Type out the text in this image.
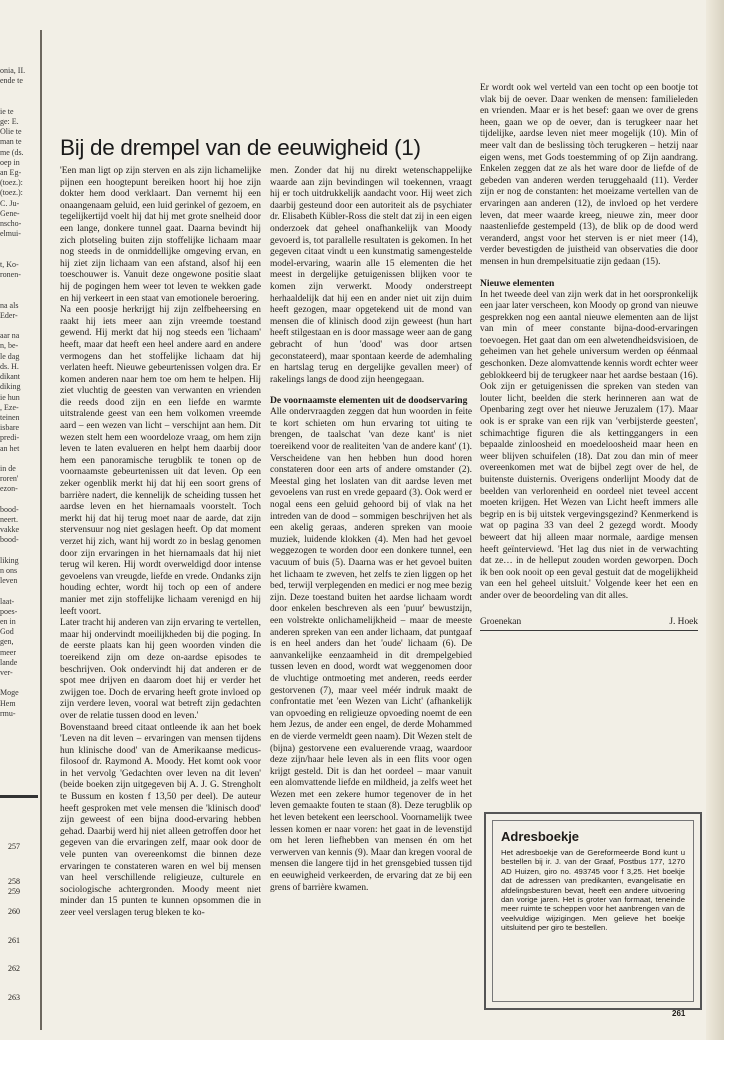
onia, II.
ende te

ie te
ge: E.
Olie te
man te
me (ds.
oep in
an Eg-
(toez.):
(toez.):
C. Ju-
Gene-
nscho-
elmui-

t, Ko-
ronen-

na als
Eder-

aar na
n, be-
le dag
ds. H.
dikant
diking
ie hun
, Eze-
teinen
isbare
predi-
an het

in de
roren'
ezon-

bood-
neert.
vakke
bood-

liking
n ons
leven

laat-
poes-
en in
God
gen,
meer
lande
ver-

Moge
Hem
rmu-
257
258
259
260
261
262
263
Bij de drempel van de eeuwigheid (1)

'Een man ligt op zijn sterven en als zijn lichamelijke pijnen een hoogtepunt bereiken hoort hij hoe zijn dokter hem dood verklaart. Dan vernemt hij een onaangenaam geluid, een luid gerinkel of gezoem, en tegelijkertijd voelt hij dat hij met grote snelheid door een lange, donkere tunnel gaat. Daarna bevindt hij zich plotseling buiten zijn stoffelijke lichaam maar nog steeds in de onmiddellijke omgeving ervan, en hij ziet zijn lichaam van een afstand, alsof hij een toeschouwer is. Vanuit deze ongewone positie slaat hij de pogingen hem weer tot leven te wekken gade en hij verkeert in een staat van emotionele beroering.

Na een poosje herkrijgt hij zijn zelfbeheersing en raakt hij iets meer aan zijn vreemde toestand gewend. Hij merkt dat hij nog steeds een 'lichaam' heeft, maar dat heeft een heel andere aard en andere vermogens dan het stoffelijke lichaam dat hij verlaten heeft. Nieuwe gebeurtenissen volgen dra. Er komen anderen naar hem toe om hem te helpen. Hij ziet vluchtig de geesten van verwanten en vrienden die reeds dood zijn en een liefde en warmte uitstralende geest van een hem volkomen vreemde aard – een wezen van licht – verschijnt aan hem. Dit wezen stelt hem een woordeloze vraag, om hem zijn leven te laten evalueren en helpt hem daarbij door hem een panoramische terugblik te tonen op de voornaamste gebeurtenissen uit dat leven. Op een zeker ogenblik merkt hij dat hij een soort grens of barrière nadert, die kennelijk de scheiding tussen het aardse leven en het hiernamaals voorstelt. Toch merkt hij dat hij terug moet naar de aarde, dat zijn stervensuur nog niet geslagen heeft. Op dat moment verzet hij zich, want hij wordt zo in beslag genomen door zijn ervaringen in het hiernamaals dat hij niet terug wil keren. Hij wordt overweldigd door intense gevoelens van vreugde, liefde en vrede. Ondanks zijn houding echter, wordt hij toch op een of andere manier met zijn stoffelijke lichaam verenigd en hij leeft voort.

Later tracht hij anderen van zijn ervaring te vertellen, maar hij ondervindt moeilijkheden bij die poging. In de eerste plaats kan hij geen woorden vinden die toereikend zijn om deze on-aardse episodes te beschrijven. Ook ondervindt hij dat anderen er de spot mee drijven en daarom doet hij er verder het zwijgen toe. Doch de ervaring heeft grote invloed op zijn verdere leven, vooral wat betreft zijn gedachten over de relatie tussen dood en leven.'

Bovenstaand breed citaat ontleende ik aan het boek 'Leven na dit leven – ervaringen van mensen tijdens hun klinische dood' van de Amerikaanse medicus-filosoof dr. Raymond A. Moody. Het komt ook voor in het vervolg 'Gedachten over leven na dit leven' (beide boeken zijn uitgegeven bij A. J. G. Strengholt te Bussum en kosten f 13,50 per deel). De auteur heeft gesproken met vele mensen die 'klinisch dood' zijn geweest of een bijna dood-ervaring hebben gehad. Daarbij werd hij niet alleen getroffen door het gegeven van die ervaringen zelf, maar ook door de vele punten van overeenkomst die binnen deze ervaringen te constateren waren en wel bij mensen van heel verschillende religieuze, culturele en sociologische achtergronden. Moody meent niet minder dan 15 punten te kunnen opsommen die in zeer veel verslagen terug bleken te ko-

men. Zonder dat hij nu direkt wetenschappelijke waarde aan zijn bevindingen wil toekennen, vraagt hij er toch uitdrukkelijk aandacht voor. Hij weet zich daarbij gesteund door een autoriteit als de psychiater dr. Elisabeth Kübler-Ross die stelt dat zij in een eigen onderzoek dat geheel onafhankelijk van Moody gevoerd is, tot parallelle resultaten is gekomen. In het gegeven citaat vindt u een kunstmatig samengestelde model-ervaring, waarin alle 15 elementen die het meest in dergelijke getuigenissen blijken voor te komen zijn verwerkt. Moody onderstreept herhaaldelijk dat hij een en ander niet uit zijn duim heeft gezogen, maar opgetekend uit de mond van mensen die of klinisch dood zijn geweest (hun hart heeft stilgestaan en is door massage weer aan de gang gebracht of hun 'dood' was door artsen geconstateerd), maar spontaan keerde de ademhaling en hartslag terug en dergelijke gevallen meer) of rakelings langs de dood zijn heengegaan.

De voornaamste elementen uit de doodservaring

Alle ondervraagden zeggen dat hun woorden in feite te kort schieten om hun ervaring tot uiting te brengen, de taalschat 'van deze kant' is niet toereikend voor de realiteiten 'van de andere kant' (1). Verscheidene van hen hebben hun dood horen constateren door een arts of andere omstander (2). Meestal ging het loslaten van dit aardse leven met gevoelens van rust en vrede gepaard (3). Ook werd er nogal eens een geluid gehoord bij of vlak na het intreden van de dood – sommigen beschrijven het als een akelig geraas, anderen spreken van mooie muziek, luidende klokken (4). Men had het gevoel weggezogen te worden door een donkere tunnel, een vacuum of buis (5). Daarna was er het gevoel buiten het lichaam te zweven, het zelfs te zien liggen op het bed, terwijl verplegenden en medici er nog mee bezig zijn. Deze toestand buiten het aardse lichaam wordt door enkelen beschreven als een 'puur' bewustzijn, een volstrekte onlichamelijkheid – maar de meeste anderen spreken van een ander lichaam, dat puntgaaf is en heel anders dan het 'oude' lichaam (6). De aanvankelijke eenzaamheid in dit drempelgebied tussen leven en dood, wordt wat weggenomen door de vluchtige ontmoeting met anderen, reeds eerder gestorvenen (7), maar veel méér indruk maakt de confrontatie met 'een Wezen van Licht' (afhankelijk van opvoeding en religieuze opvoeding noemt de een hem Jezus, de ander een engel, de derde Mohammed en de vierde vermeldt geen naam). Dit Wezen stelt de (bijna) gestorvene een evaluerende vraag, waardoor deze zijn/haar hele leven als in een flits voor ogen krijgt gesteld. Dit is dan het oordeel – maar vanuit een alomvattende liefde en mildheid, ja zelfs weet het Wezen met een zekere humor tegenover de in het leven gemaakte fouten te staan (8). Deze terugblik op het leven betekent een leerschool. Voornamelijk twee lessen komen er naar voren: het gaat in de levenstijd om het leren liefhebben van mensen én om het verwerven van kennis (9). Maar dan kregen vooral de mensen die langere tijd in het grensgebied tussen tijd en eeuwigheid verkeerden, de ervaring dat ze bij een grens of barrière kwamen.

Er wordt ook wel verteld van een tocht op een bootje tot vlak bij de oever. Daar wenken de mensen: familieleden en vrienden. Maar er is het besef: gaan we over de grens heen, gaan we op de oever, dan is terugkeer naar het tijdelijke, aardse leven niet meer mogelijk (10). Min of meer valt dan de beslissing tòch terugkeren – hetzij naar eigen wens, met Gods toestemming of op Zijn aandrang. Enkelen zeggen dat ze als het ware door de liefde of de gebeden van anderen werden teruggehaald (11). Verder zijn er nog de constanten: het moeizame vertellen van de ervaringen aan anderen (12), de invloed op het verdere leven, dat meer waarde kreeg, nieuwe zin, meer door naastenliefde gestempeld (13), de blik op de dood werd veranderd, angst voor het sterven is er niet meer (14), verder bevestigden de juistheid van observaties die door mensen in hun drempelsituatie zijn gedaan (15).

Nieuwe elementen

In het tweede deel van zijn werk dat in het oorspronkelijk een jaar later verscheen, kon Moody op grond van nieuwe gesprekken nog een aantal nieuwe elementen aan de lijst van min of meer constante bijna-dood-ervaringen toevoegen. Het gaat dan om een alwetendheidsvisioen, de geheimen van het gehele universum werden op éénmaal geschonken. Deze alomvattende kennis wordt echter weer geblokkeerd bij de terugkeer naar het aardse bestaan (16). Ook zijn er getuigenissen die spreken van steden van louter licht, beelden die sterk herinneren aan wat de Openbaring zegt over het nieuwe Jeruzalem (17). Maar ook is er sprake van een rijk van 'verbijsterde geesten', schimachtige figuren die als kettinggangers in een bepaalde zinloosheid en moedeloosheid maar heen en weer blijven schuifelen (18). Dat zou dan min of meer overeenkomen met wat de bijbel zegt over de hel, de buitenste duisternis. Overigens onderlijnt Moody dat de beelden van verlorenheid en oordeel niet teveel accent moeten krijgen. Het Wezen van Licht heeft immers alle begrip en is bij uitstek vergevingsgezind? Kenmerkend is wat op pagina 33 van deel 2 gezegd wordt. Moody beweert dat hij alleen maar normale, aardige mensen heeft geïnterviewd. 'Het lag dus niet in de verwachting dat ze… in de helleput zouden worden geworpen. Doch ik ben ook nooit op een geval gestuit dat de mogelijkheid van een hel geheel uitsluit.' Volgende keer het een en ander over de beoordeling van dit alles.

Groenekan	J. Hoek
Adresboekje
Het adresboekje van de Gereformeerde Bond kunt u bestellen bij ir. J. van der Graaf, Postbus 177, 1270 AD Huizen, giro no. 493745 voor f 3,25. Het boekje dat de adressen van predikanten, evangelisatie en afdelingsbesturen bevat, heeft een andere uitvoering dan vorige jaren. Het is groter van formaat, teneinde meer ruimte te scheppen voor het aanbrengen van de veelvuldige wijzigingen. Men gelieve het boekje uitsluitend per giro te bestellen.
261
